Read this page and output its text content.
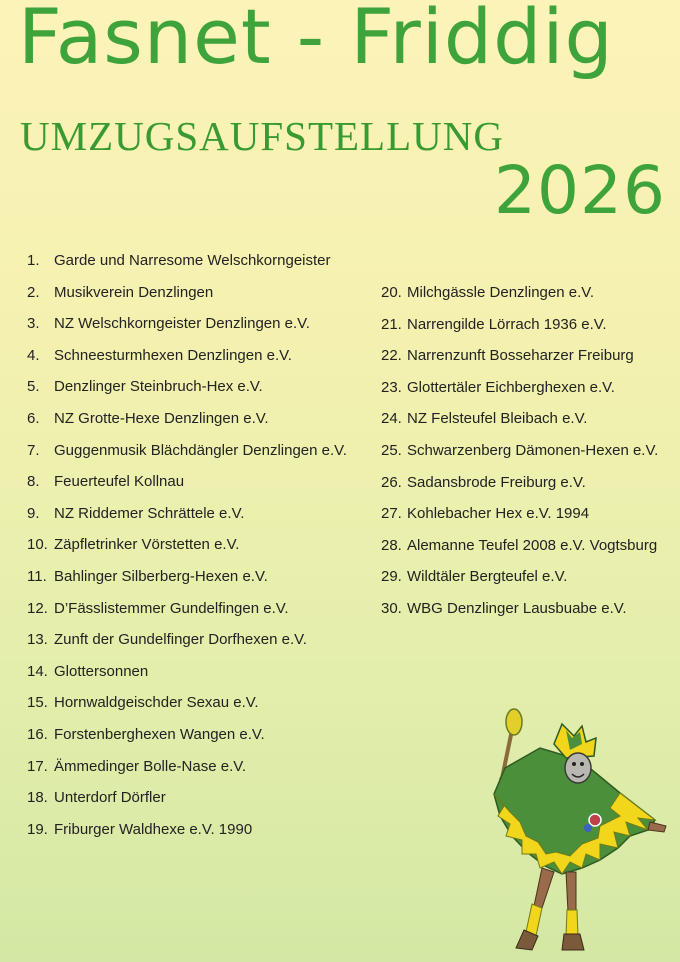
Fasnet - Friddig
UMZUGSAUFSTELLUNG
2026
1. Garde und Narresome Welschkorngeister
2. Musikverein Denzlingen
3. NZ Welschkorngeister Denzlingen e.V.
4. Schneesturmhexen Denzlingen e.V.
5. Denzlinger Steinbruch-Hex e.V.
6. NZ Grotte-Hexe Denzlingen e.V.
7. Guggenmusik Blächdängler Denzlingen e.V.
8. Feuerteufel Kollnau
9. NZ Riddemer Schrättele e.V.
10. Zäpfletrinker Vörstetten e.V.
11. Bahlinger Silberberg-Hexen e.V.
12. D’Fässlistemmer Gundelfingen e.V.
13. Zunft der Gundelfinger Dorfhexen e.V.
14. Glottersonnen
15. Hornwaldgeischder Sexau e.V.
16. Forstenberghexen Wangen e.V.
17. Ämmedinger Bolle-Nase e.V.
18. Unterdorf Dörfler
19. Friburger Waldhexe e.V. 1990
20. Milchgässle Denzlingen e.V.
21. Narrengilde Lörrach 1936 e.V.
22. Narrenzunft Bosseharzer Freiburg
23. Glottertäler Eichberghexen e.V.
24. NZ Felsteufel Bleibach e.V.
25. Schwarzenberg Dämonen-Hexen e.V.
26. Sadansbrode Freiburg e.V.
27. Kohlebacher Hex e.V. 1994
28. Alemanne Teufel 2008 e.V. Vogtsburg
29. Wildtäler Bergteufel e.V.
30. WBG Denzlinger Lausbuabe e.V.
